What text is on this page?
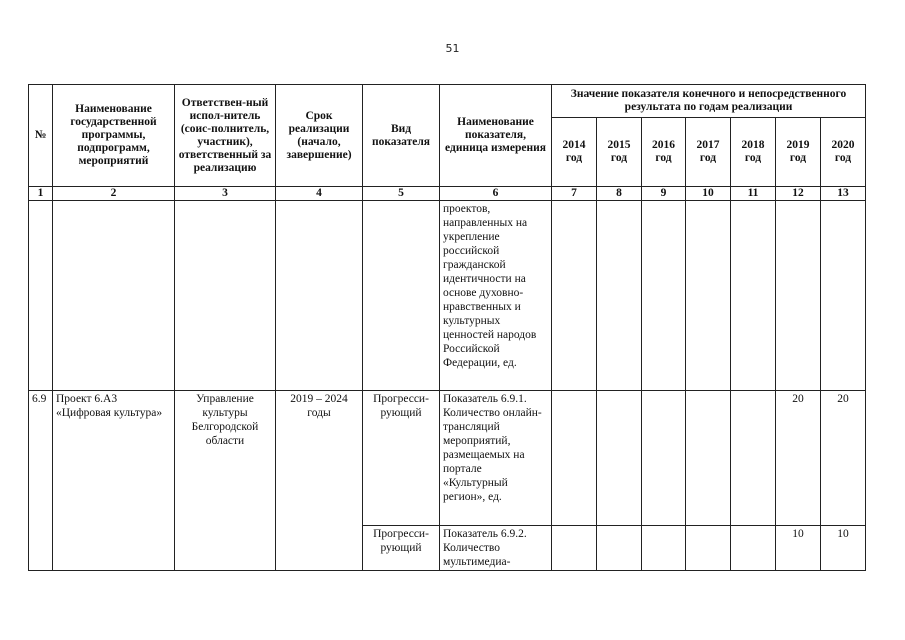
51
№	Наименование государственной программы, подпрограмм, мероприятий	Ответствен-ный испол-нитель (соис-полнитель, участник), ответственный за реализацию	Срок реализации (начало, завершение)	Вид показателя	Наименование показателя, единица измерения	Значение показателя конечного и непосредственного результата по годам реализации						
						2014 год	2015 год	2016 год	2017 год	2018 год	2019 год	2020 год
1	2	3	4	5	6	7	8	9	10	11	12	13
					проектов, направленных на укрепление российской гражданской идентичности на основе духовно-нравственных и культурных ценностей народов Российской Федерации, ед.							
6.9	Проект 6.А3 «Цифровая культура»	Управление культуры Белгородской области	2019 – 2024 годы	Прогресси-рующий	Показатель 6.9.1. Количество онлайн-трансляций мероприятий, размещаемых на портале «Культурный регион», ед.						20	20
				Прогресси-рующий	Показатель 6.9.2. Количество мультимедиа-						10	10
